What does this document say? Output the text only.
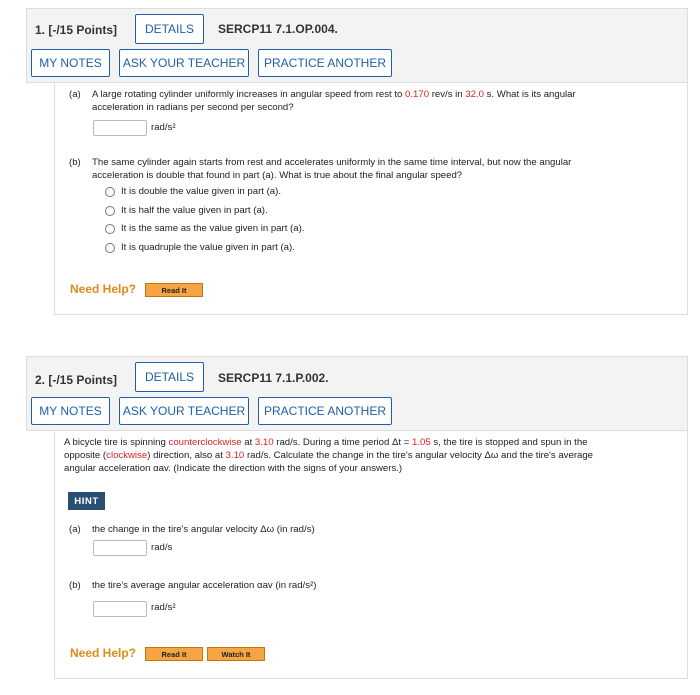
1. [-/15 Points]	DETAILS	SERCP11 7.1.OP.004.
MY NOTES	ASK YOUR TEACHER	PRACTICE ANOTHER
(a) A large rotating cylinder uniformly increases in angular speed from rest to 0.170 rev/s in 32.0 s. What is its angular
acceleration in radians per second per second?
rad/s²
(b) The same cylinder again starts from rest and accelerates uniformly in the same time interval, but now the angular
acceleration is double that found in part (a). What is true about the final angular speed?
It is double the value given in part (a).
It is half the value given in part (a).
It is the same as the value given in part (a).
It is quadruple the value given in part (a).
Need Help?	Read It
2. [-/15 Points]	DETAILS	SERCP11 7.1.P.002.
MY NOTES	ASK YOUR TEACHER	PRACTICE ANOTHER
A bicycle tire is spinning counterclockwise at 3.10 rad/s. During a time period Δt = 1.05 s, the tire is stopped and spun in the
opposite (clockwise) direction, also at 3.10 rad/s. Calculate the change in the tire's angular velocity Δω and the tire's average
angular acceleration αav. (Indicate the direction with the signs of your answers.)
HINT
(a) the change in the tire's angular velocity Δω (in rad/s)
rad/s
(b) the tire's average angular acceleration αav (in rad/s²)
rad/s²
Need Help?	Read It	Watch It
